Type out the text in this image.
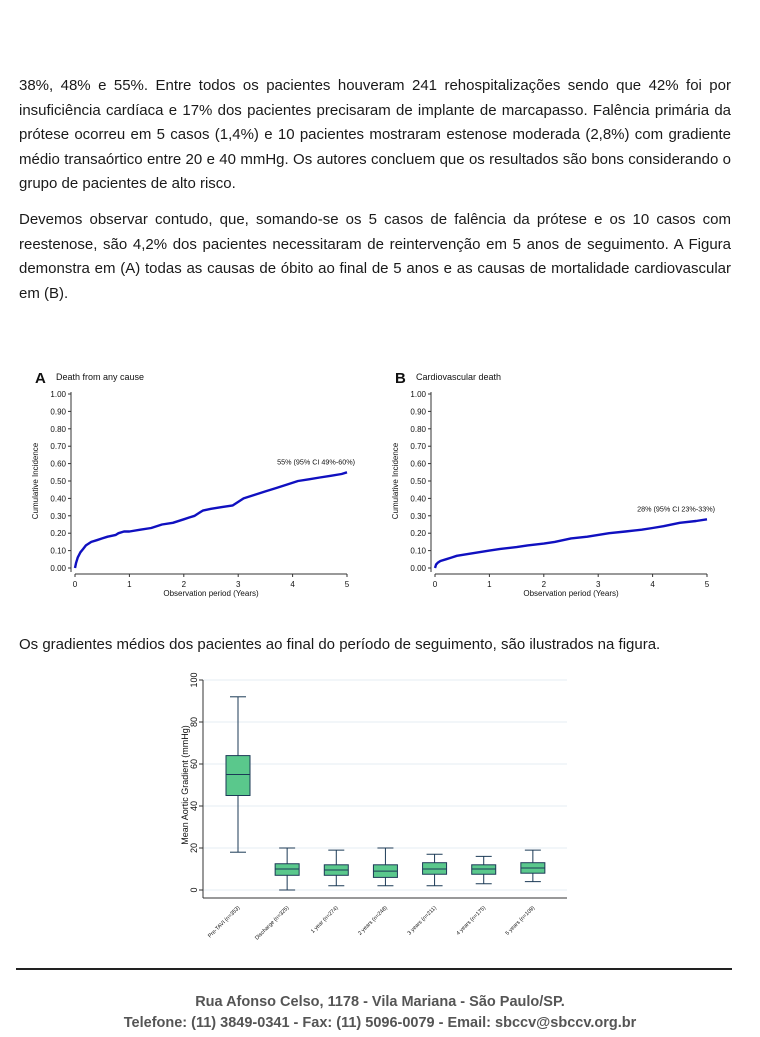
38%, 48% e 55%. Entre todos os pacientes houveram 241 rehospitalizações sendo que 42% foi por insuficiência cardíaca e 17% dos pacientes precisaram de implante de marcapasso. Falência primária da prótese ocorreu em 5 casos (1,4%) e 10 pacientes mostraram estenose moderada (2,8%) com gradiente médio transaórtico entre 20 e 40 mmHg. Os autores concluem que os resultados são bons considerando o grupo de pacientes de alto risco.

Devemos observar contudo, que, somando-se os 5 casos de falência da prótese e os 10 casos com reestenose, são 4,2% dos pacientes necessitaram de reintervenção em 5 anos de seguimento. A Figura demonstra em (A) todas as causas de óbito ao final de 5 anos e as causas de mortalidade cardiovascular em (B).

A Death from any cause
0.00
0.10
0.20
0.30
0.40
0.50
0.60
0.70
0.80
0.90
1.00
0	1	2	3	4	5
Observation period (Years)
Cumulative Incidence	55% (95% CI 49%-60%)
B Cardiovascular death
0.00
0.10
0.20
0.30
0.40
0.50
0.60
0.70
0.80
0.90
1.00
0	1	2	3	4	5
Observation period (Years)
Cumulative Incidence	28% (95% CI 23%-33%)

Os gradientes médios dos pacientes ao final do período de seguimento, são ilustrados na figura.

0
20
40
60
80
100
Mean Aortic Gradient (mmHg)
Pre-TAVI (n=353) Discharge (n=325)	1 year (n=274)	2 years (n=248)	3 years (n=211)	4 years (n=175)	5 years (n=109)
Rua Afonso Celso, 1178 - Vila Mariana - São Paulo/SP.
Telefone: (11) 3849-0341 - Fax: (11) 5096-0079 - Email: sbccv@sbccv.org.br
